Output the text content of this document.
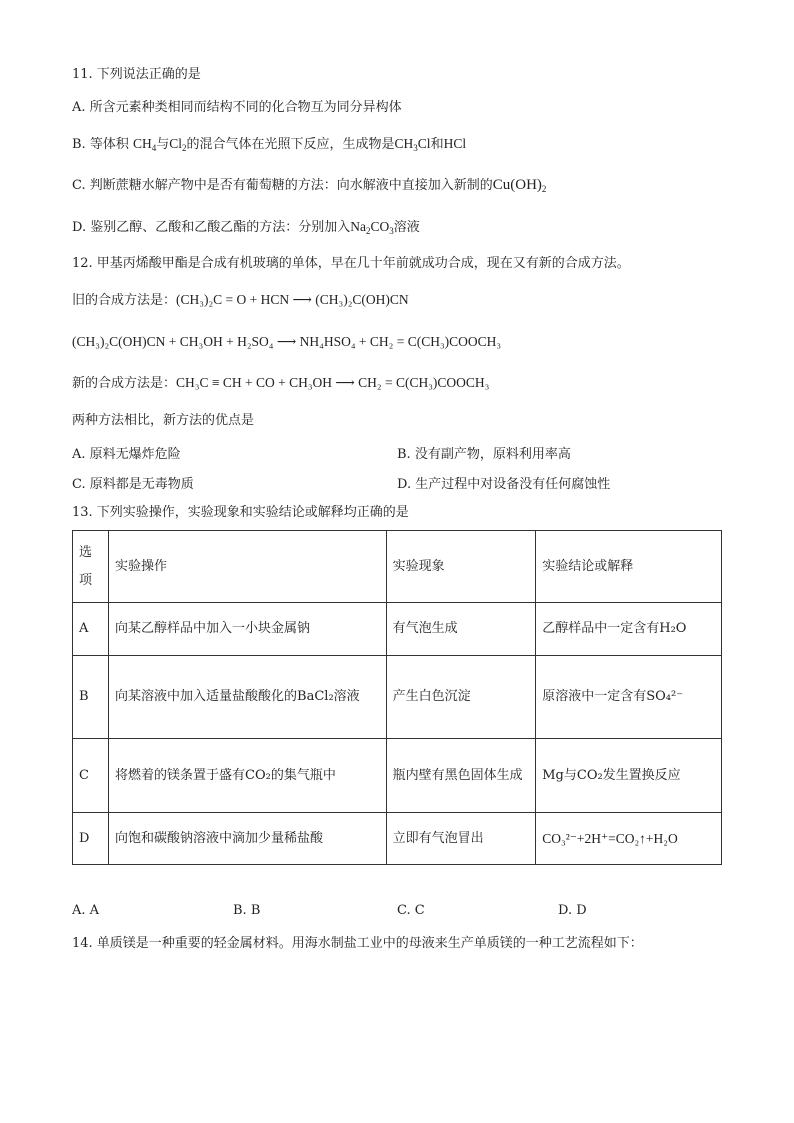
11. 下列说法正确的是
A. 所含元素种类相同而结构不同的化合物互为同分异构体
B. 等体积 $CH_4$与$Cl_2$的混合气体在光照下反应，生成物是$CH_3Cl$和HCl
C. 判断蔗糖水解产物中是否有葡萄糖的方法：向水解液中直接加入新制的$Cu(OH)_2$
D. 鉴别乙醇、乙酸和乙酸乙酯的方法：分别加入$Na_2CO_3$溶液
12. 甲基丙烯酸甲酯是合成有机玻璃的单体，早在几十年前就成功合成，现在又有新的合成方法。
旧的合成方法是：(CH₃)₂C = O + HCN ⟶ (CH₃)₂C(OH)CN
(CH₃)₂C(OH)CN + CH₃OH + H₂SO₄ ⟶ NH₄HSO₄ + CH₂ = C(CH₃)COOCH₃
新的合成方法是：CH₃C ≡ CH + CO + CH₃OH ⟶ CH₂ = C(CH₃)COOCH₃
两种方法相比，新方法的优点是
A. 原料无爆炸危险	B. 没有副产物，原料利用率高
C. 原料都是无毒物质	D. 生产过程中对设备没有任何腐蚀性
13. 下列实验操作，实验现象和实验结论或解释均正确的是
选项	实验操作	实验现象	实验结论或解释
A	向某乙醇样品中加入一小块金属钠	有气泡生成	乙醇样品中一定含有H₂O
B	向某溶液中加入适量盐酸酸化的BaCl₂溶液	产生白色沉淀	原溶液中一定含有SO₄²⁻
C	将燃着的镁条置于盛有CO₂的集气瓶中	瓶内壁有黑色固体生成	Mg与CO₂发生置换反应
D	向饱和碳酸钠溶液中滴加少量稀盐酸	立即有气泡冒出	CO₃²⁻+2H⁺=CO₂↑+H₂O
A. A	B. B	C. C	D. D
14. 单质镁是一种重要的轻金属材料。用海水制盐工业中的母液来生产单质镁的一种工艺流程如下：
